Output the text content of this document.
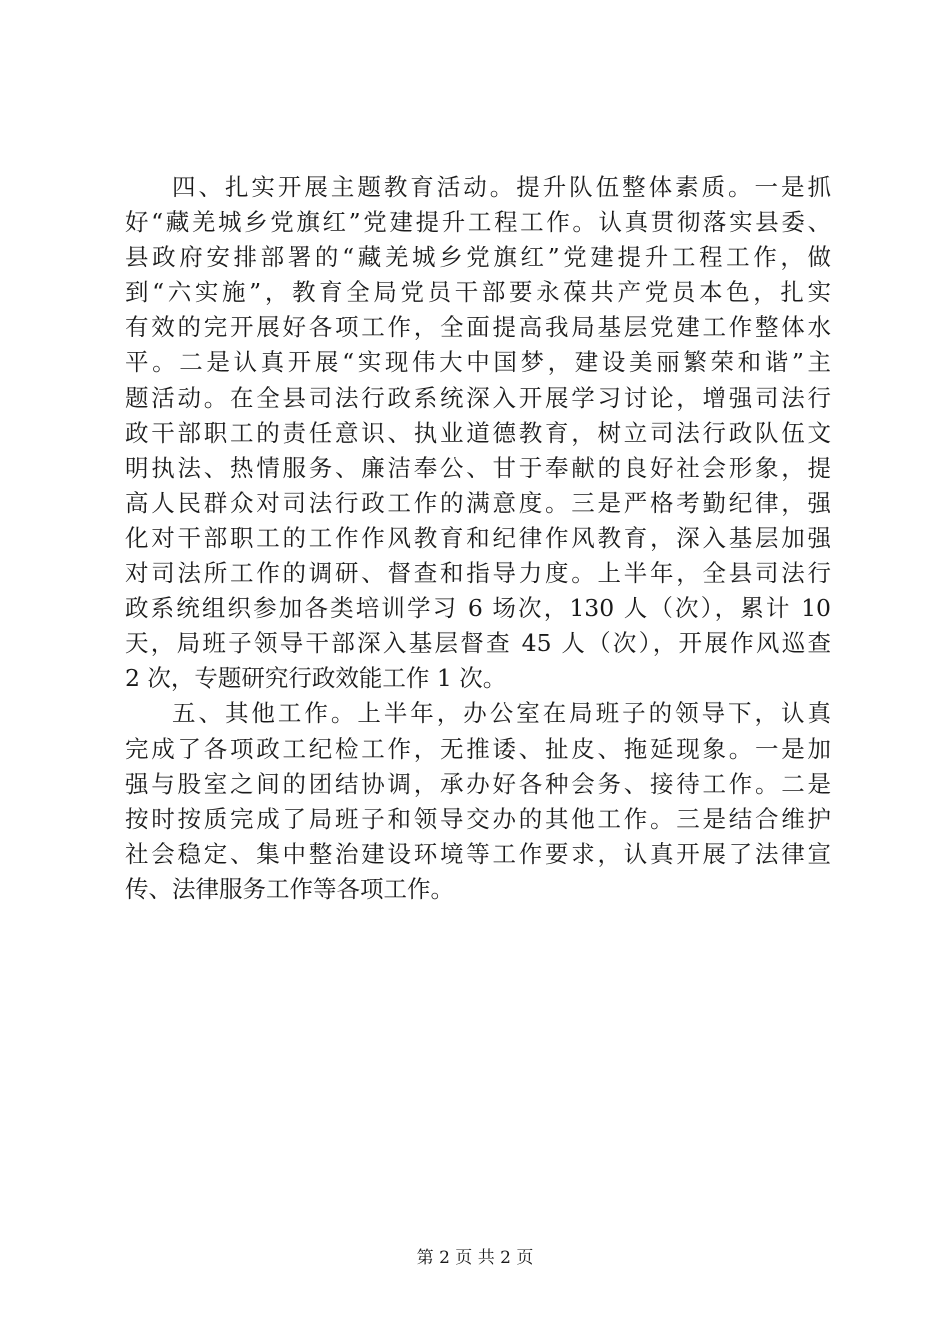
四、扎实开展主题教育活动。提升队伍整体素质。一是抓
好“藏羌城乡党旗红”党建提升工程工作。认真贯彻落实县委、
县政府安排部署的“藏羌城乡党旗红”党建提升工程工作，做
到“六实施”，教育全局党员干部要永葆共产党员本色，扎实
有效的完开展好各项工作，全面提高我局基层党建工作整体水
平。二是认真开展“实现伟大中国梦，建设美丽繁荣和谐”主
题活动。在全县司法行政系统深入开展学习讨论，增强司法行
政干部职工的责任意识、执业道德教育，树立司法行政队伍文
明执法、热情服务、廉洁奉公、甘于奉献的良好社会形象，提
高人民群众对司法行政工作的满意度。三是严格考勤纪律，强
化对干部职工的工作作风教育和纪律作风教育，深入基层加强
对司法所工作的调研、督查和指导力度。上半年，全县司法行
政系统组织参加各类培训学习 6 场次，130 人（次），累计 10
天，局班子领导干部深入基层督查 45 人（次），开展作风巡查
2 次，专题研究行政效能工作 1 次。
五、其他工作。上半年，办公室在局班子的领导下，认真
完成了各项政工纪检工作，无推诿、扯皮、拖延现象。一是加
强与股室之间的团结协调，承办好各种会务、接待工作。二是
按时按质完成了局班子和领导交办的其他工作。三是结合维护
社会稳定、集中整治建设环境等工作要求，认真开展了法律宣
传、法律服务工作等各项工作。
第 2 页 共 2 页
